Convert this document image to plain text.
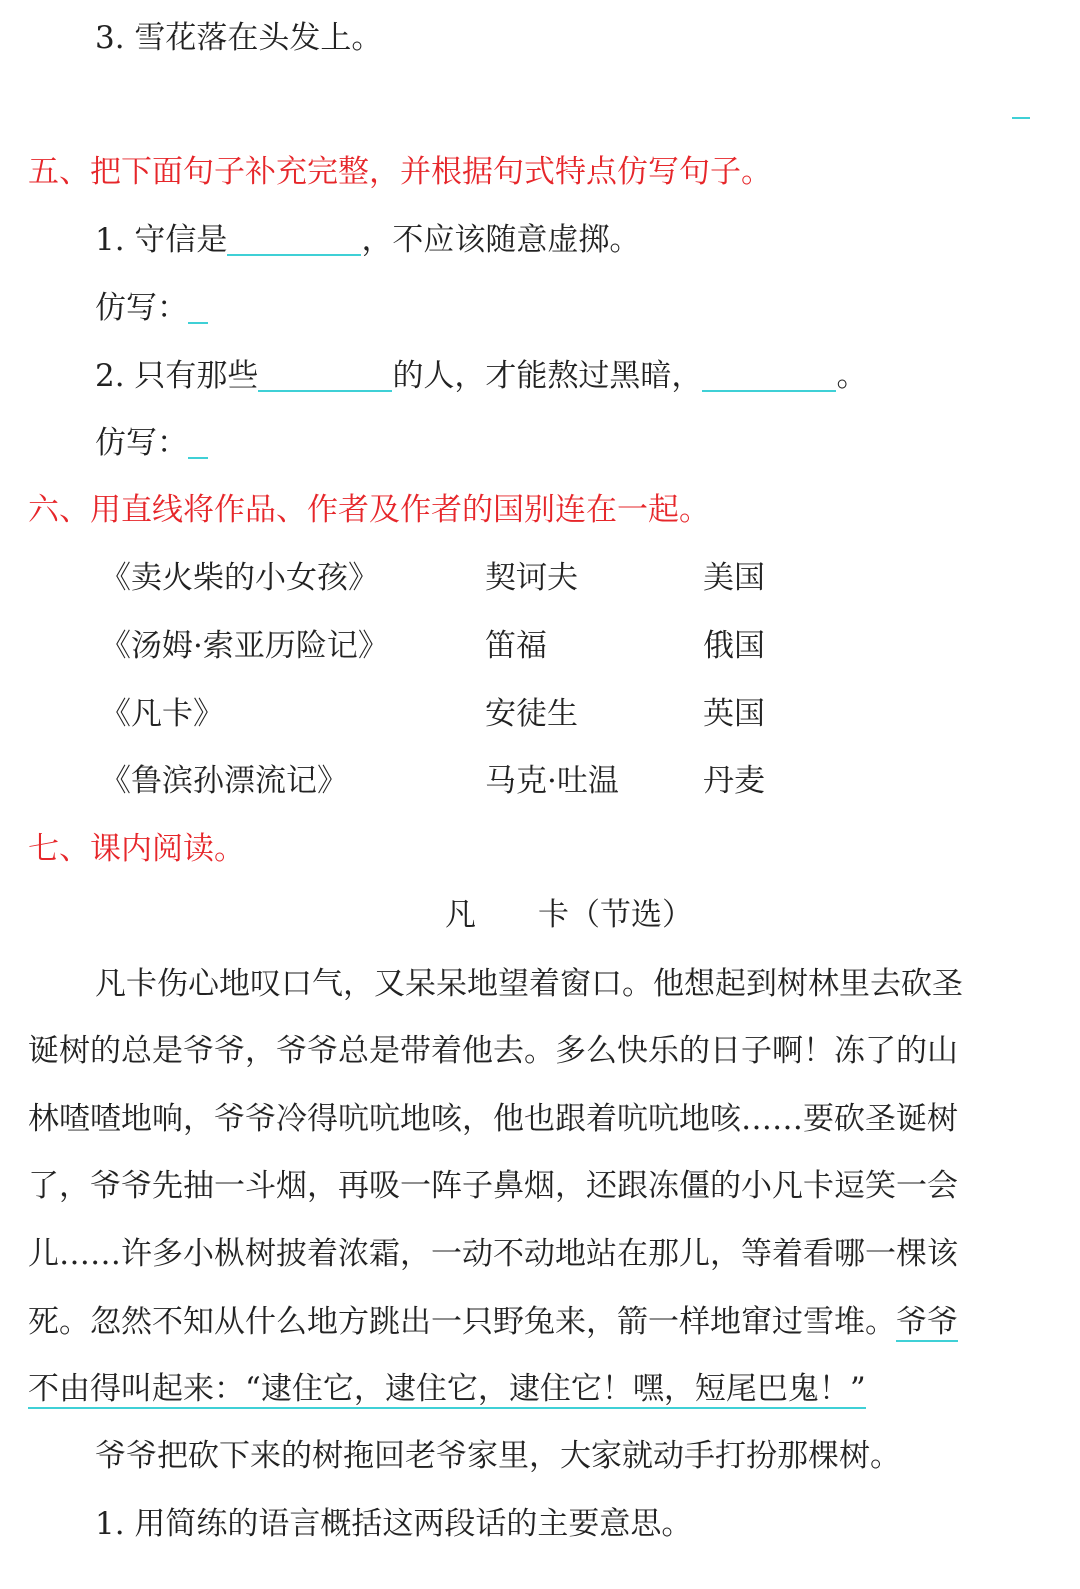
3. 雪花落在头发上。
五、把下面句子补充完整，并根据句式特点仿写句子。
1. 守信是	，不应该随意虚掷。
仿写：
2. 只有那些	的人，才能熬过黑暗，	。
仿写：
六、用直线将作品、作者及作者的国别连在一起。
《卖火柴的小女孩》	契诃夫	美国
《汤姆·索亚历险记》	笛福	俄国
《凡卡》	安徒生	英国
《鲁滨孙漂流记》	马克·吐温	丹麦
七、课内阅读。
凡　　卡（节选）
凡卡伤心地叹口气，又呆呆地望着窗口。他想起到树林里去砍圣
诞树的总是爷爷，爷爷总是带着他去。多么快乐的日子啊！冻了的山
林喳喳地响，爷爷冷得吭吭地咳，他也跟着吭吭地咳……要砍圣诞树
了，爷爷先抽一斗烟，再吸一阵子鼻烟，还跟冻僵的小凡卡逗笑一会
儿……许多小枞树披着浓霜，一动不动地站在那儿，等着看哪一棵该
死。忽然不知从什么地方跳出一只野兔来，箭一样地窜过雪堆。爷爷
不由得叫起来：“逮住它，逮住它，逮住它！嘿，短尾巴鬼！”
爷爷把砍下来的树拖回老爷家里，大家就动手打扮那棵树。
1. 用简练的语言概括这两段话的主要意思。
